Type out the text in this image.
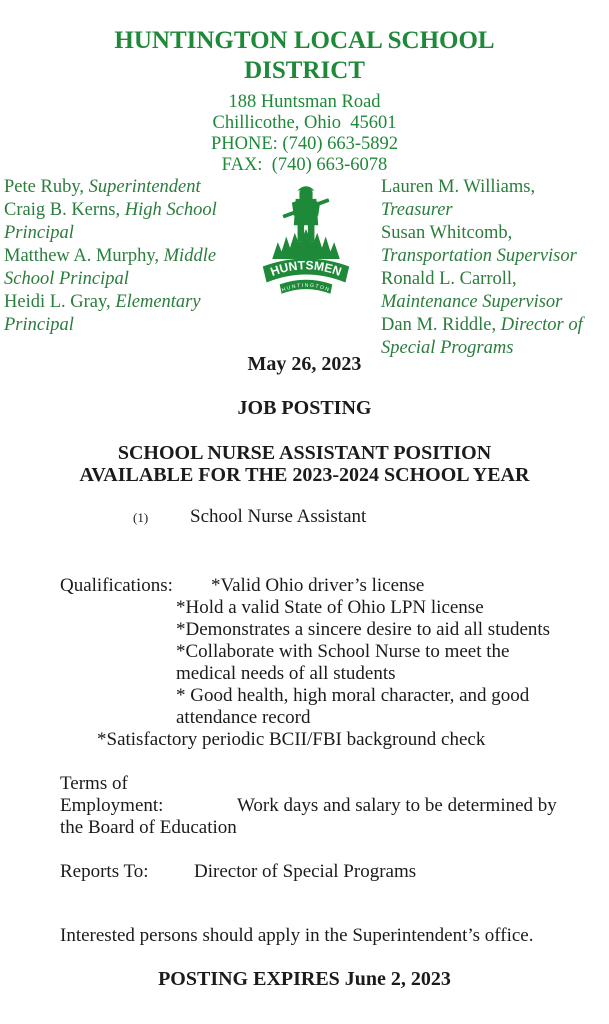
HUNTINGTON LOCAL SCHOOL
DISTRICT
188 Huntsman Road
Chillicothe, Ohio  45601
PHONE: (740) 663-5892
FAX:  (740) 663-6078
Pete Ruby, Superintendent
Craig B. Kerns, High School Principal
Matthew A. Murphy, Middle School Principal
Heidi L. Gray, Elementary Principal
HUNTSMEN
HUNTINGTON
Lauren M. Williams, Treasurer
Susan Whitcomb, Transportation Supervisor
Ronald L. Carroll, Maintenance Supervisor
Dan M. Riddle, Director of Special Programs
May 26, 2023
JOB POSTING
SCHOOL NURSE ASSISTANT POSITION
AVAILABLE FOR THE 2023-2024 SCHOOL YEAR
(1) School Nurse Assistant
Qualifications: *Valid Ohio driver’s license
*Hold a valid State of Ohio LPN license
*Demonstrates a sincere desire to aid all students
*Collaborate with School Nurse to meet the
medical needs of all students
* Good health, high moral character, and good
attendance record
*Satisfactory periodic BCII/FBI background check
Terms of
Employment:	Work days and salary to be determined by
the Board of Education
Reports To: Director of Special Programs
Interested persons should apply in the Superintendent’s office.
POSTING EXPIRES June 2, 2023
